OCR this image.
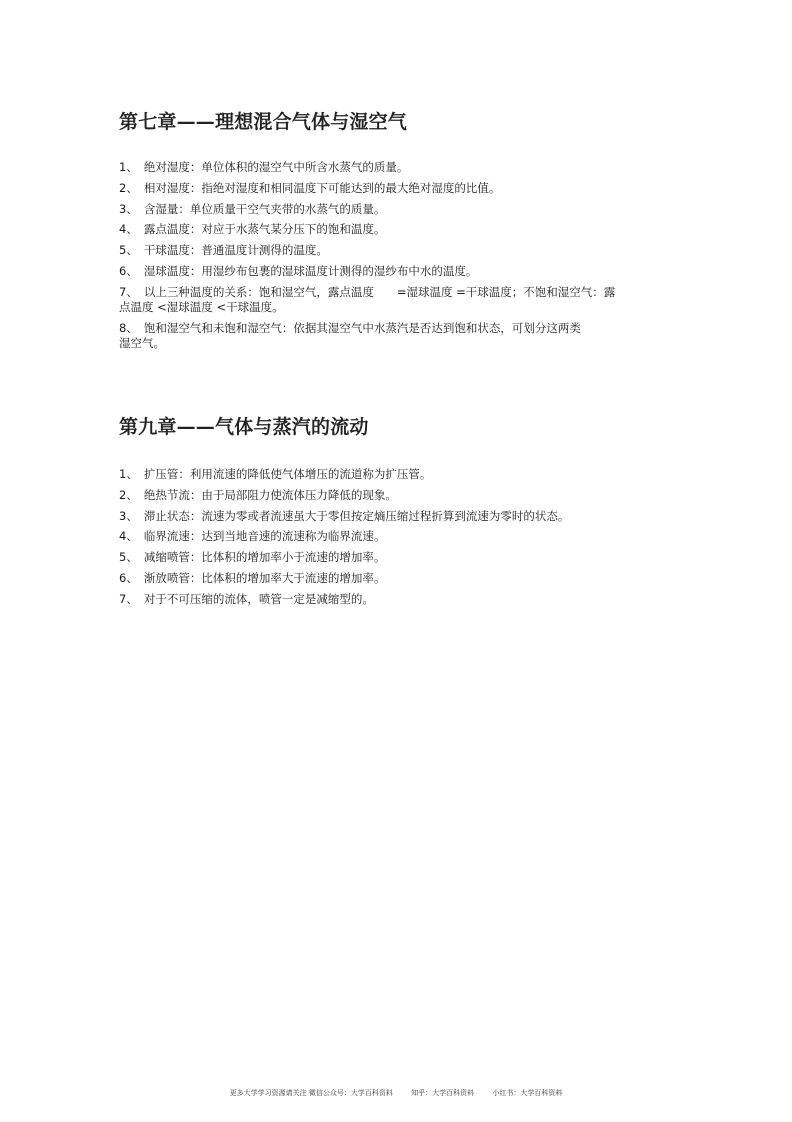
第七章——理想混合气体与湿空气
1、 绝对湿度：单位体积的湿空气中所含水蒸气的质量。
2、 相对湿度：指绝对湿度和相同温度下可能达到的最大绝对湿度的比值。
3、 含湿量：单位质量干空气夹带的水蒸气的质量。
4、 露点温度：对应于水蒸气某分压下的饱和温度。
5、 干球温度：普通温度计测得的温度。
6、 湿球温度：用湿纱布包裹的湿球温度计测得的湿纱布中水的温度。
7、 以上三种温度的关系：饱和湿空气，露点温度　　=湿球温度 =干球温度；不饱和湿空气：露
点温度 <湿球温度 <干球温度。
8、 饱和湿空气和未饱和湿空气：依据其湿空气中水蒸汽是否达到饱和状态，可划分这两类
湿空气。
第九章——气体与蒸汽的流动
1、 扩压管：利用流速的降低使气体增压的流道称为扩压管。
2、 绝热节流：由于局部阻力使流体压力降低的现象。
3、 滞止状态：流速为零或者流速虽大于零但按定熵压缩过程折算到流速为零时的状态。
4、 临界流速：达到当地音速的流速称为临界流速。
5、 减缩喷管：比体积的增加率小于流速的增加率。
6、 渐放喷管：比体积的增加率大于流速的增加率。
7、 对于不可压缩的流体，喷管一定是减缩型的。
更多大学学习资源请关注 微信公众号：大学百科资料	知乎：大学百科资料	小红书：大学百科资料
